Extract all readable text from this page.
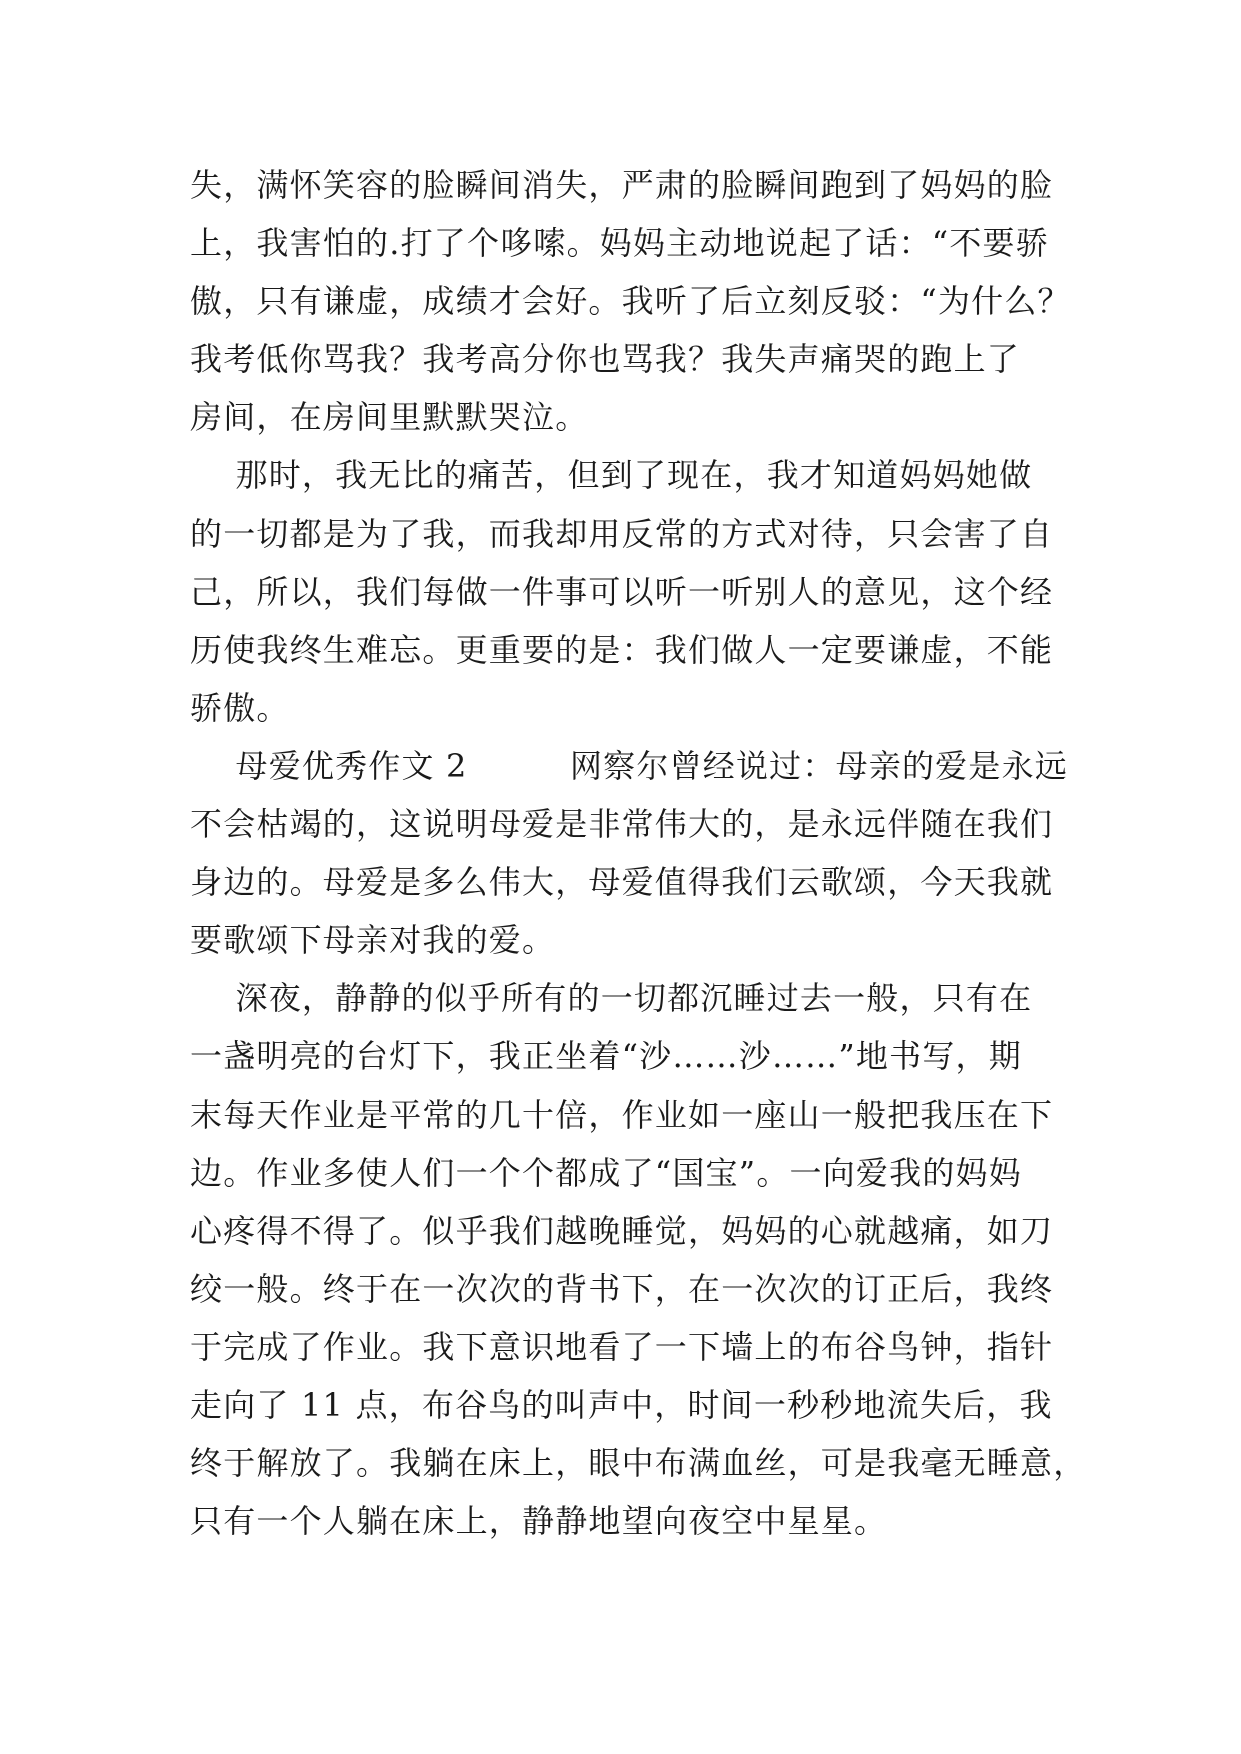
失，满怀笑容的脸瞬间消失，严肃的脸瞬间跑到了妈妈的脸
上，我害怕的.打了个哆嗦。妈妈主动地说起了话：“不要骄
傲，只有谦虚，成绩才会好。我听了后立刻反驳：“为什么？
我考低你骂我？我考高分你也骂我？我失声痛哭的跑上了
房间，在房间里默默哭泣。
那时，我无比的痛苦，但到了现在，我才知道妈妈她做
的一切都是为了我，而我却用反常的方式对待，只会害了自
己，所以，我们每做一件事可以听一听别人的意见，这个经
历使我终生难忘。更重要的是：我们做人一定要谦虚，不能
骄傲。
母爱优秀作文 2         网察尔曾经说过：母亲的爱是永远
不会枯竭的，这说明母爱是非常伟大的，是永远伴随在我们
身边的。母爱是多么伟大，母爱值得我们云歌颂，今天我就
要歌颂下母亲对我的爱。
深夜，静静的似乎所有的一切都沉睡过去一般，只有在
一盏明亮的台灯下，我正坐着“沙……沙……”地书写，期
末每天作业是平常的几十倍，作业如一座山一般把我压在下
边。作业多使人们一个个都成了“国宝”。一向爱我的妈妈
心疼得不得了。似乎我们越晚睡觉，妈妈的心就越痛，如刀
绞一般。终于在一次次的背书下，在一次次的订正后，我终
于完成了作业。我下意识地看了一下墙上的布谷鸟钟，指针
走向了 11 点，布谷鸟的叫声中，时间一秒秒地流失后，我
终于解放了。我躺在床上，眼中布满血丝，可是我毫无睡意，
只有一个人躺在床上，静静地望向夜空中星星。
